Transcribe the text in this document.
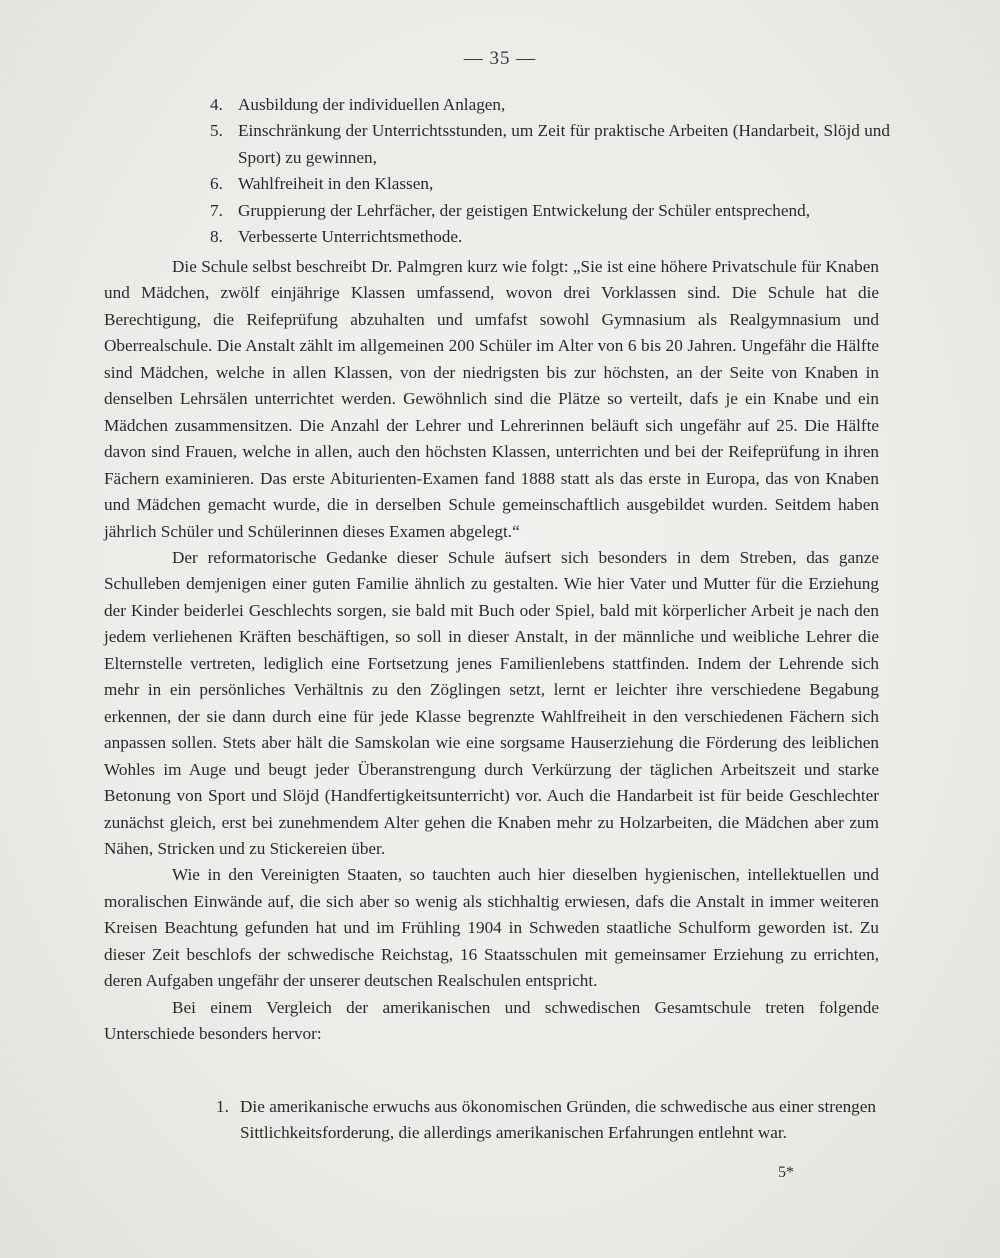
— 35 —
4. Ausbildung der individuellen Anlagen,
5. Einschränkung der Unterrichtsstunden, um Zeit für praktische Arbeiten (Handarbeit, Slöjd und Sport) zu gewinnen,
6. Wahlfreiheit in den Klassen,
7. Gruppierung der Lehrfächer, der geistigen Entwickelung der Schüler entsprechend,
8. Verbesserte Unterrichtsmethode.

Die Schule selbst beschreibt Dr. Palmgren kurz wie folgt: „Sie ist eine höhere Privatschule für Knaben und Mädchen, zwölf einjährige Klassen umfassend, wovon drei Vorklassen sind. Die Schule hat die Berechtigung, die Reifeprüfung abzuhalten und umfafst sowohl Gymnasium als Realgymnasium und Oberrealschule. Die Anstalt zählt im allgemeinen 200 Schüler im Alter von 6 bis 20 Jahren. Ungefähr die Hälfte sind Mädchen, welche in allen Klassen, von der niedrigsten bis zur höchsten, an der Seite von Knaben in denselben Lehrsälen unterrichtet werden. Gewöhnlich sind die Plätze so verteilt, dafs je ein Knabe und ein Mädchen zusammensitzen. Die Anzahl der Lehrer und Lehrerinnen beläuft sich ungefähr auf 25. Die Hälfte davon sind Frauen, welche in allen, auch den höchsten Klassen, unterrichten und bei der Reifeprüfung in ihren Fächern examinieren. Das erste Abiturienten-Examen fand 1888 statt als das erste in Europa, das von Knaben und Mädchen gemacht wurde, die in derselben Schule gemeinschaftlich ausgebildet wurden. Seitdem haben jährlich Schüler und Schülerinnen dieses Examen abgelegt.“

Der reformatorische Gedanke dieser Schule äufsert sich besonders in dem Streben, das ganze Schulleben demjenigen einer guten Familie ähnlich zu gestalten. Wie hier Vater und Mutter für die Erziehung der Kinder beiderlei Geschlechts sorgen, sie bald mit Buch oder Spiel, bald mit körperlicher Arbeit je nach den jedem verliehenen Kräften beschäftigen, so soll in dieser Anstalt, in der männliche und weibliche Lehrer die Elternstelle vertreten, lediglich eine Fortsetzung jenes Familienlebens stattfinden. Indem der Lehrende sich mehr in ein persönliches Verhältnis zu den Zöglingen setzt, lernt er leichter ihre verschiedene Begabung erkennen, der sie dann durch eine für jede Klasse begrenzte Wahlfreiheit in den verschiedenen Fächern sich anpassen sollen. Stets aber hält die Samskolan wie eine sorgsame Hauserziehung die Förderung des leiblichen Wohles im Auge und beugt jeder Überanstrengung durch Verkürzung der täglichen Arbeitszeit und starke Betonung von Sport und Slöjd (Handfertigkeitsunterricht) vor. Auch die Handarbeit ist für beide Geschlechter zunächst gleich, erst bei zunehmendem Alter gehen die Knaben mehr zu Holzarbeiten, die Mädchen aber zum Nähen, Stricken und zu Stickereien über.

Wie in den Vereinigten Staaten, so tauchten auch hier dieselben hygienischen, intellektuellen und moralischen Einwände auf, die sich aber so wenig als stichhaltig erwiesen, dafs die Anstalt in immer weiteren Kreisen Beachtung gefunden hat und im Frühling 1904 in Schweden staatliche Schulform geworden ist. Zu dieser Zeit beschlofs der schwedische Reichstag, 16 Staatsschulen mit gemeinsamer Erziehung zu errichten, deren Aufgaben ungefähr der unserer deutschen Realschulen entspricht.

Bei einem Vergleich der amerikanischen und schwedischen Gesamtschule treten folgende Unterschiede besonders hervor:

1. Die amerikanische erwuchs aus ökonomischen Gründen, die schwedische aus einer strengen Sittlichkeitsforderung, die allerdings amerikanischen Erfahrungen entlehnt war.
5*
